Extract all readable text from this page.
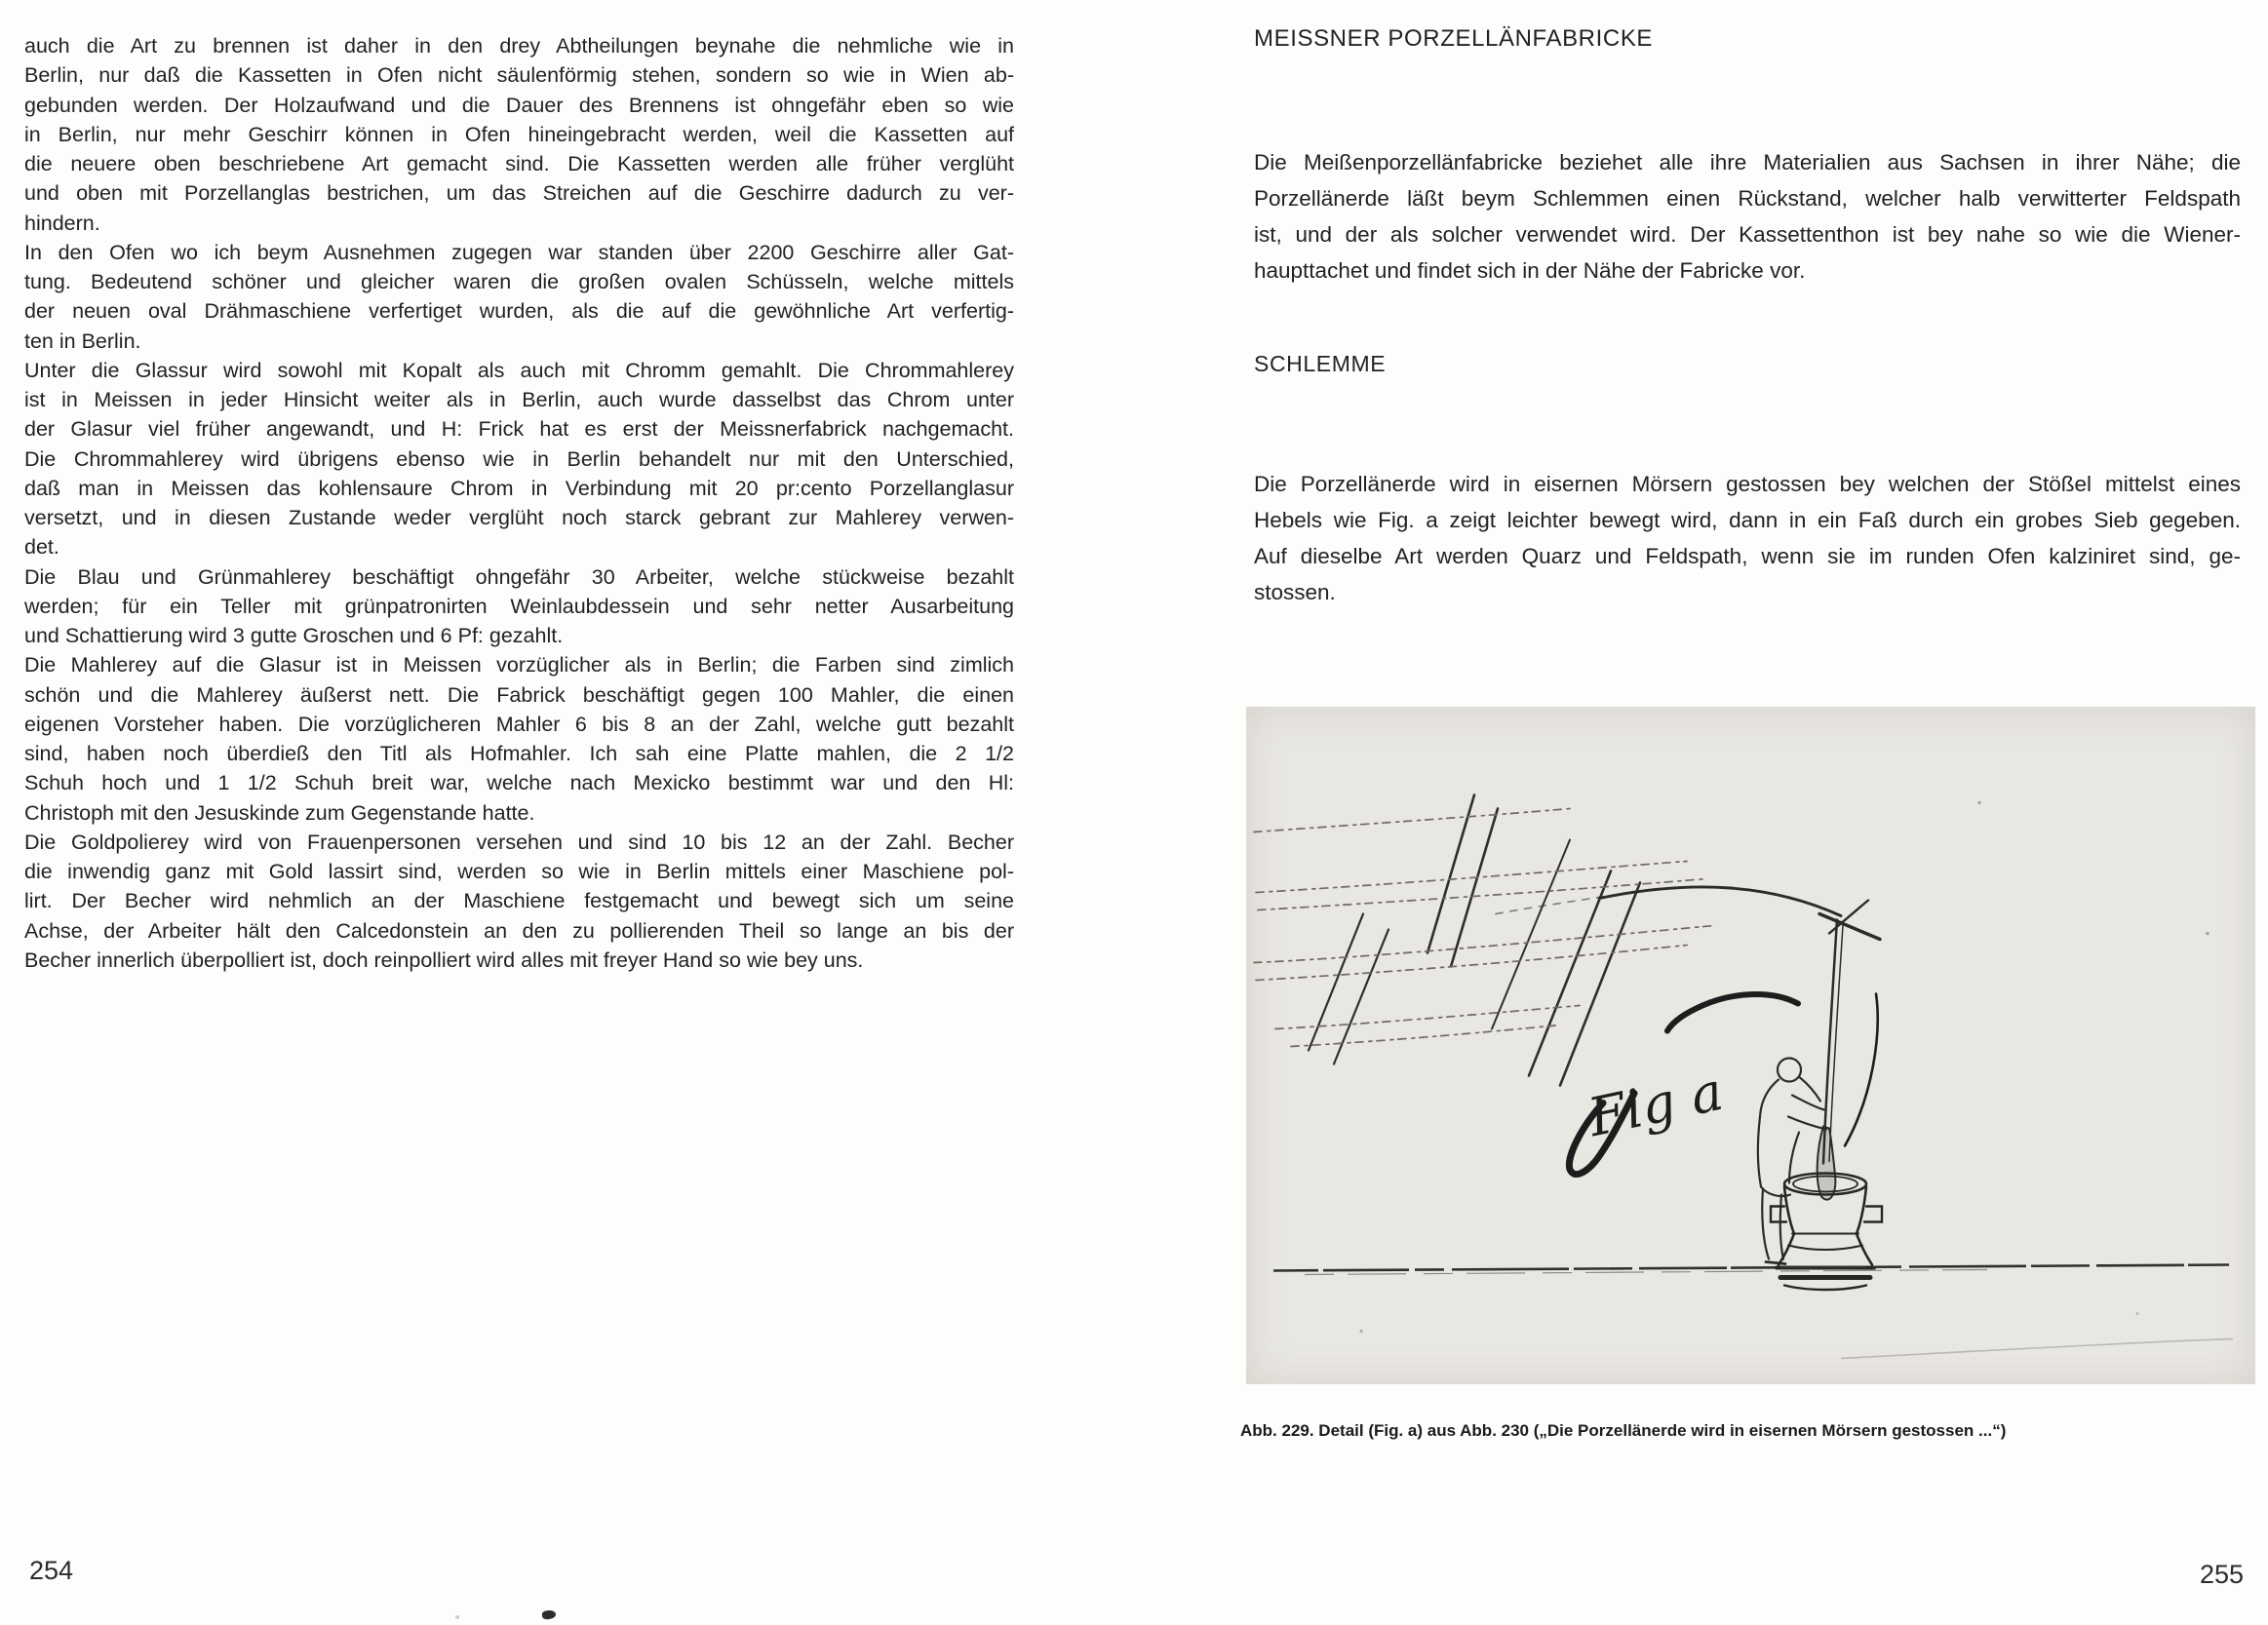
auch die Art zu brennen ist daher in den drey Abtheilungen beynahe die nehmliche wie in
Berlin, nur daß die Kassetten in Ofen nicht säulenförmig stehen, sondern so wie in Wien ab-
gebunden werden. Der Holzaufwand und die Dauer des Brennens ist ohngefähr eben so wie
in Berlin, nur mehr Geschirr können in Ofen hineingebracht werden, weil die Kassetten auf
die neuere oben beschriebene Art gemacht sind. Die Kassetten werden alle früher verglüht
und oben mit Porzellanglas bestrichen, um das Streichen auf die Geschirre dadurch zu ver-
hindern.
In den Ofen wo ich beym Ausnehmen zugegen war standen über 2200 Geschirre aller Gat-
tung. Bedeutend schöner und gleicher waren die großen ovalen Schüsseln, welche mittels
der neuen oval Drähmaschiene verfertiget wurden, als die auf die gewöhnliche Art verfertig-
ten in Berlin.
Unter die Glassur wird sowohl mit Kopalt als auch mit Chromm gemahlt. Die Chrommahlerey
ist in Meissen in jeder Hinsicht weiter als in Berlin, auch wurde dasselbst das Chrom unter
der Glasur viel früher angewandt, und H: Frick hat es erst der Meissnerfabrick nachgemacht.
Die Chrommahlerey wird übrigens ebenso wie in Berlin behandelt nur mit den Unterschied,
daß man in Meissen das kohlensaure Chrom in Verbindung mit 20 pr:cento Porzellanglasur
versetzt, und in diesen Zustande weder verglüht noch starck gebrant zur Mahlerey verwen-
det.
Die Blau und Grünmahlerey beschäftigt ohngefähr 30 Arbeiter, welche stückweise bezahlt
werden; für ein Teller mit grünpatronirten Weinlaubdessein und sehr netter Ausarbeitung
und Schattierung wird 3 gutte Groschen und 6 Pf: gezahlt.
Die Mahlerey auf die Glasur ist in Meissen vorzüglicher als in Berlin; die Farben sind zimlich
schön und die Mahlerey äußerst nett. Die Fabrick beschäftigt gegen 100 Mahler, die einen
eigenen Vorsteher haben. Die vorzüglicheren Mahler 6 bis 8 an der Zahl, welche gutt bezahlt
sind, haben noch überdieß den Titl als Hofmahler. Ich sah eine Platte mahlen, die 2 1/2
Schuh hoch und 1 1/2 Schuh breit war, welche nach Mexicko bestimmt war und den Hl:
Christoph mit den Jesuskinde zum Gegenstande hatte.
Die Goldpolierey wird von Frauenpersonen versehen und sind 10 bis 12 an der Zahl. Becher
die inwendig ganz mit Gold lassirt sind, werden so wie in Berlin mittels einer Maschiene pol-
lirt. Der Becher wird nehmlich an der Maschiene festgemacht und bewegt sich um seine
Achse, der Arbeiter hält den Calcedonstein an den zu pollierenden Theil so lange an bis der
Becher innerlich überpolliert ist, doch reinpolliert wird alles mit freyer Hand so wie bey uns.
254
MEISSNER PORZELLÄNFABRICKE
Die Meißenporzellänfabricke beziehet alle ihre Materialien aus Sachsen in ihrer Nähe; die
Porzellänerde läßt beym Schlemmen einen Rückstand, welcher halb verwitterter Feldspath
ist, und der als solcher verwendet wird. Der Kassettenthon ist bey nahe so wie die Wiener-
haupttachet und findet sich in der Nähe der Fabricke vor.
SCHLEMME
Die Porzellänerde wird in eisernen Mörsern gestossen bey welchen der Stößel mittelst eines
Hebels wie Fig. a zeigt leichter bewegt wird, dann in ein Faß durch ein grobes Sieb gegeben.
Auf dieselbe Art werden Quarz und Feldspath, wenn sie im runden Ofen kalziniret sind, ge-
stossen.
Fig a
Abb. 229. Detail (Fig. a) aus Abb. 230 („Die Porzellänerde wird in eisernen Mörsern gestossen ...“)
255
